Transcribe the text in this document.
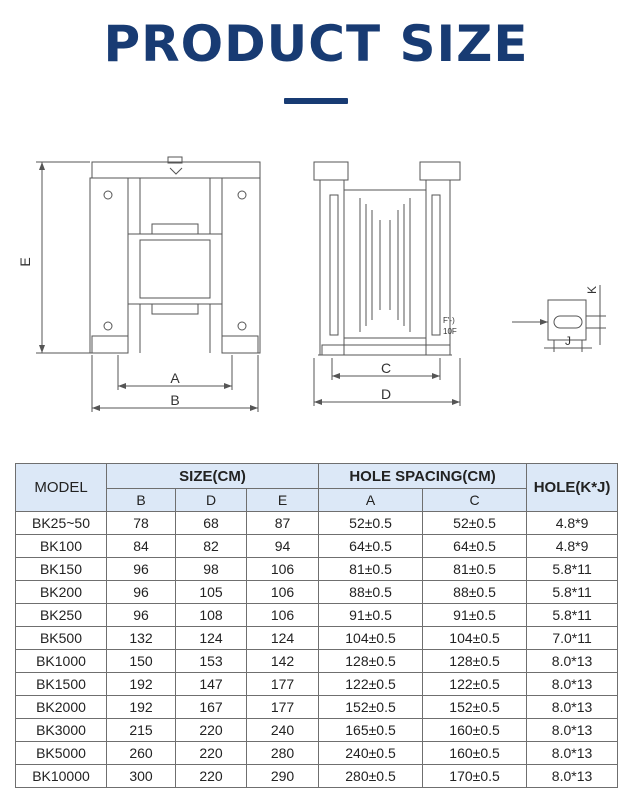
PRODUCT SIZE
E
A
B
C
D
F'-)
10F
K
J
MODEL	SIZE(CM)			HOLE SPACING(CM)		HOLE(K*J)
	B	D	E	A	C	
BK25~50	78	68	87	52±0.5	52±0.5	4.8*9
BK100	84	82	94	64±0.5	64±0.5	4.8*9
BK150	96	98	106	81±0.5	81±0.5	5.8*11
BK200	96	105	106	88±0.5	88±0.5	5.8*11
BK250	96	108	106	91±0.5	91±0.5	5.8*11
BK500	132	124	124	104±0.5	104±0.5	7.0*11
BK1000	150	153	142	128±0.5	128±0.5	8.0*13
BK1500	192	147	177	122±0.5	122±0.5	8.0*13
BK2000	192	167	177	152±0.5	152±0.5	8.0*13
BK3000	215	220	240	165±0.5	160±0.5	8.0*13
BK5000	260	220	280	240±0.5	160±0.5	8.0*13
BK10000	300	220	290	280±0.5	170±0.5	8.0*13
